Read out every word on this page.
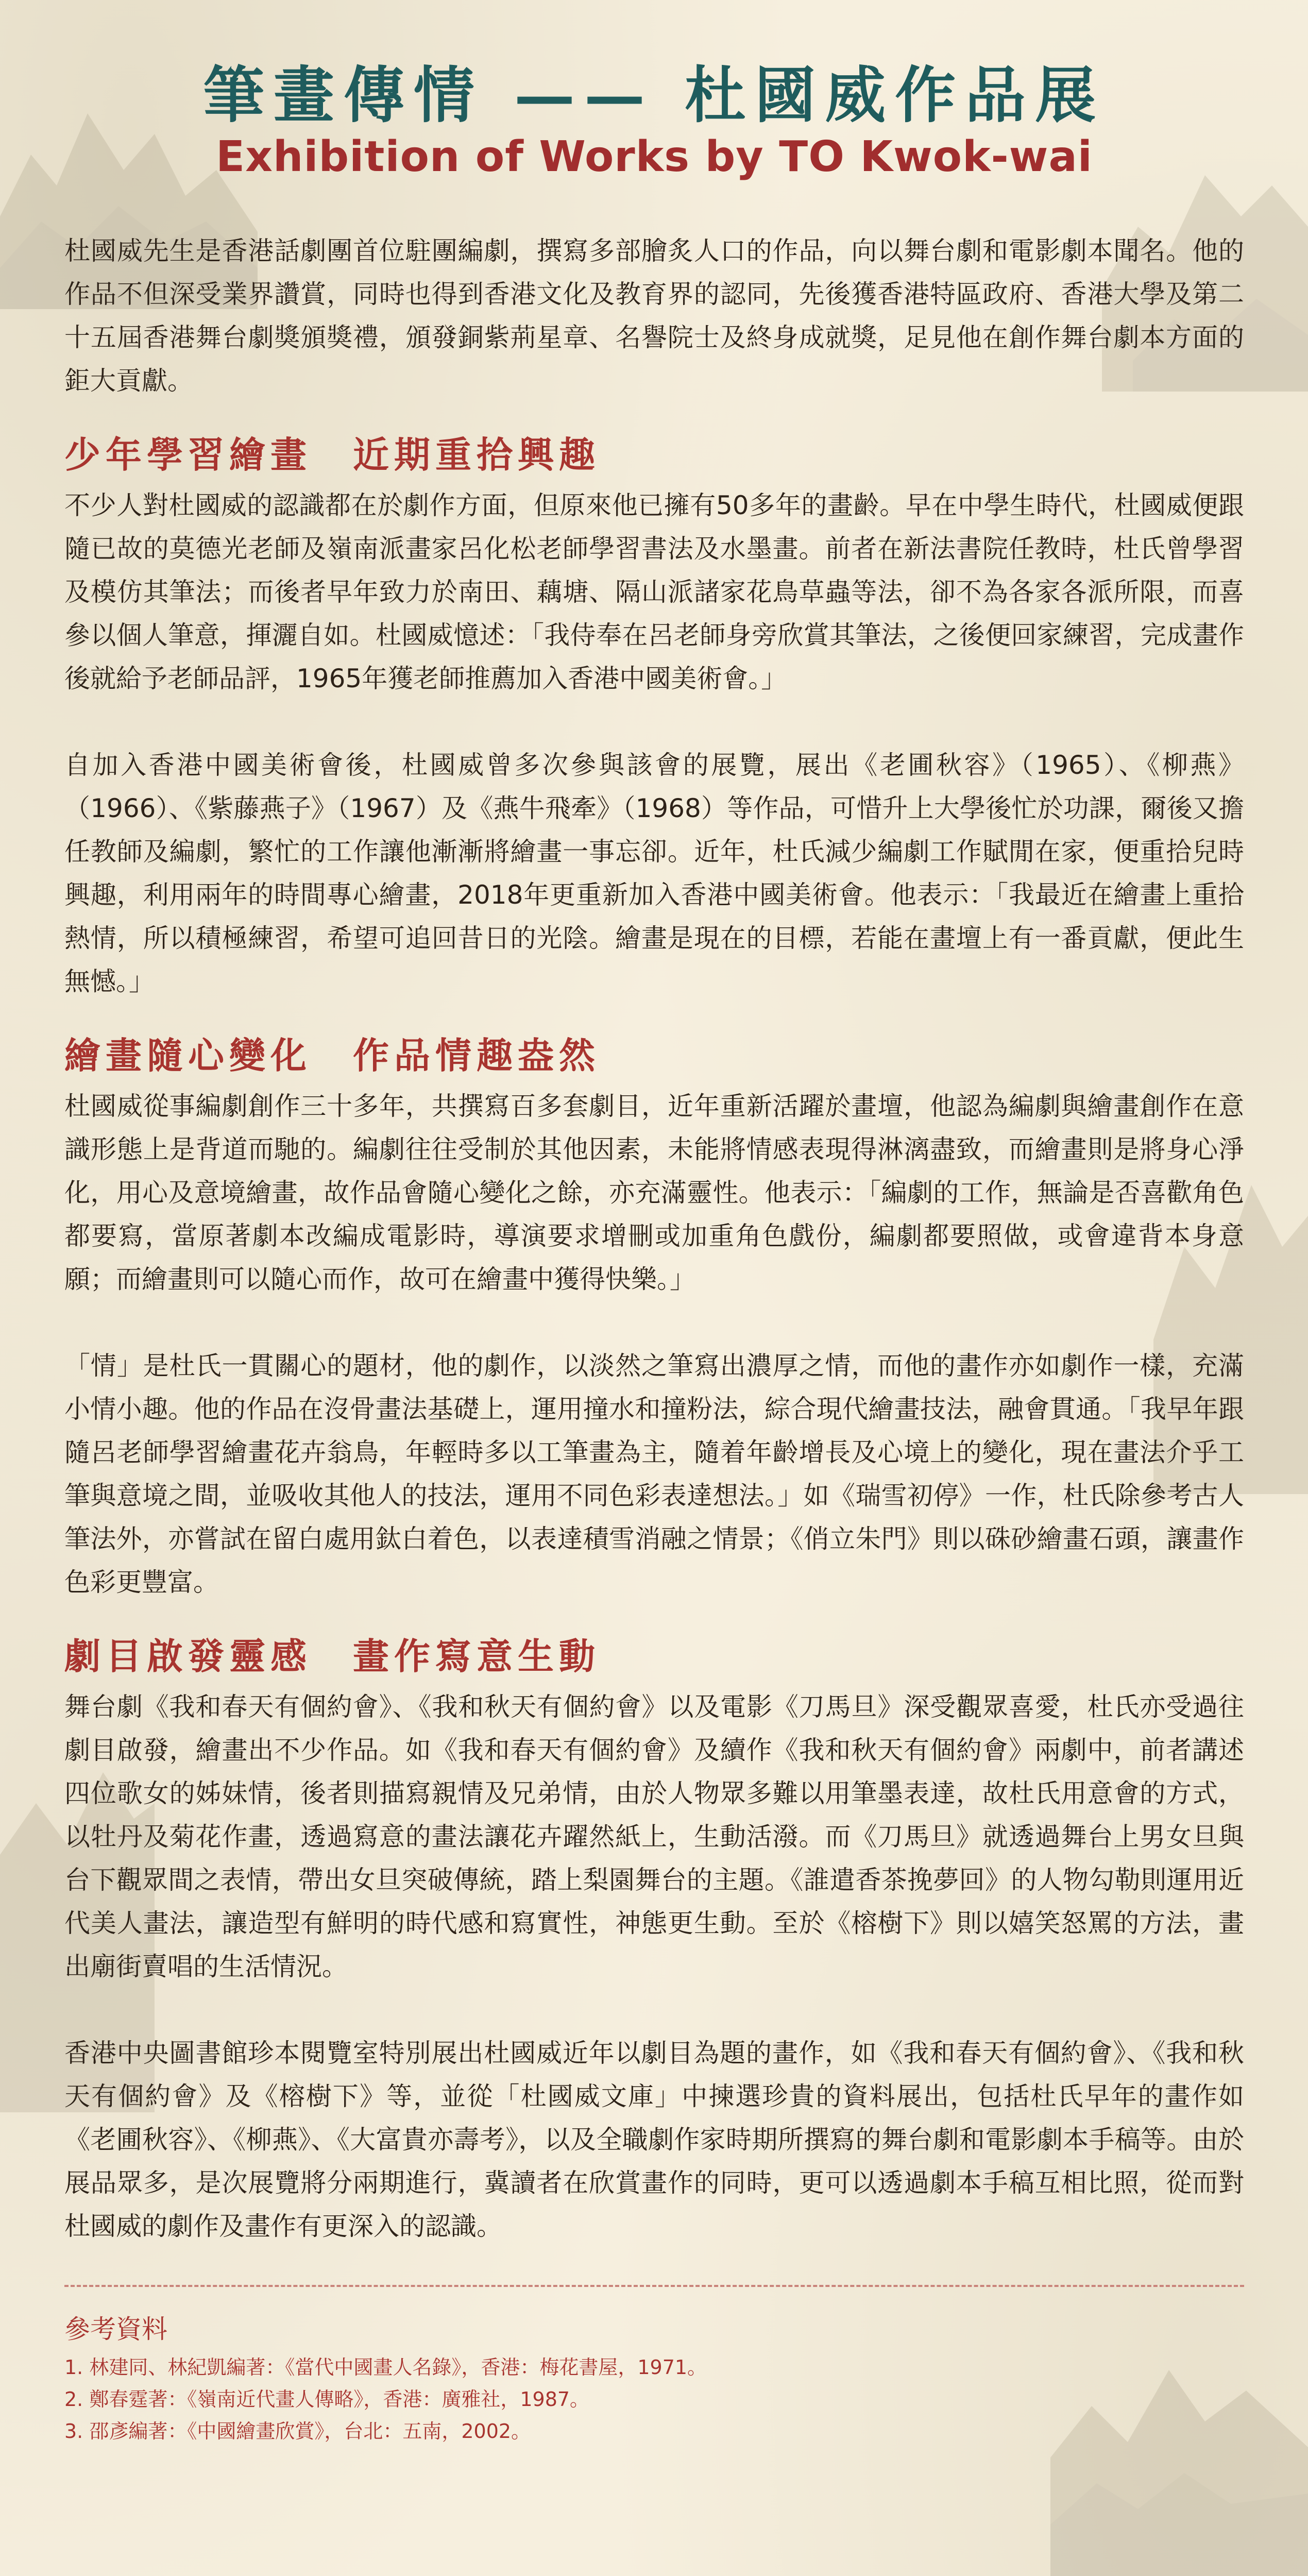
筆畫傳情 —— 杜國威作品展
Exhibition of Works by TO Kwok-wai

杜國威先生是香港話劇團首位駐團編劇，撰寫多部膾炙人口的作品，向以舞台劇和電影劇本聞名。他的作品不但深受業界讚賞，同時也得到香港文化及教育界的認同，先後獲香港特區政府、香港大學及第二十五屆香港舞台劇獎頒獎禮，頒發銅紫荊星章、名譽院士及終身成就獎，足見他在創作舞台劇本方面的鉅大貢獻。

少年學習繪畫　近期重拾興趣

不少人對杜國威的認識都在於劇作方面，但原來他已擁有50多年的畫齡。早在中學生時代，杜國威便跟隨已故的莫德光老師及嶺南派畫家呂化松老師學習書法及水墨畫。前者在新法書院任教時，杜氏曾學習及模仿其筆法；而後者早年致力於南田、藕塘、隔山派諸家花鳥草蟲等法，卻不為各家各派所限，而喜參以個人筆意，揮灑自如。杜國威憶述：「我侍奉在呂老師身旁欣賞其筆法，之後便回家練習，完成畫作後就給予老師品評，1965年獲老師推薦加入香港中國美術會。」

自加入香港中國美術會後，杜國威曾多次參與該會的展覽，展出《老圃秋容》（1965）、《柳燕》（1966）、《紫藤燕子》（1967）及《燕牛飛牽》（1968）等作品，可惜升上大學後忙於功課，爾後又擔任教師及編劇，繁忙的工作讓他漸漸將繪畫一事忘卻。近年，杜氏減少編劇工作賦閒在家，便重拾兒時興趣，利用兩年的時間專心繪畫，2018年更重新加入香港中國美術會。他表示：「我最近在繪畫上重拾熱情，所以積極練習，希望可追回昔日的光陰。繪畫是現在的目標，若能在畫壇上有一番貢獻，便此生無憾。」

繪畫隨心變化　作品情趣盎然

杜國威從事編劇創作三十多年，共撰寫百多套劇目，近年重新活躍於畫壇，他認為編劇與繪畫創作在意識形態上是背道而馳的。編劇往往受制於其他因素，未能將情感表現得淋漓盡致，而繪畫則是將身心淨化，用心及意境繪畫，故作品會隨心變化之餘，亦充滿靈性。他表示：「編劇的工作，無論是否喜歡角色都要寫，當原著劇本改編成電影時，導演要求增刪或加重角色戲份，編劇都要照做，或會違背本身意願；而繪畫則可以隨心而作，故可在繪畫中獲得快樂。」

「情」是杜氏一貫關心的題材，他的劇作，以淡然之筆寫出濃厚之情，而他的畫作亦如劇作一樣，充滿小情小趣。他的作品在沒骨畫法基礎上，運用撞水和撞粉法，綜合現代繪畫技法，融會貫通。「我早年跟隨呂老師學習繪畫花卉翁鳥，年輕時多以工筆畫為主，隨着年齡增長及心境上的變化，現在畫法介乎工筆與意境之間，並吸收其他人的技法，運用不同色彩表達想法。」如《瑞雪初停》一作，杜氏除參考古人筆法外，亦嘗試在留白處用鈦白着色，以表達積雪消融之情景；《俏立朱門》則以硃砂繪畫石頭，讓畫作色彩更豐富。

劇目啟發靈感　畫作寫意生動

舞台劇《我和春天有個約會》、《我和秋天有個約會》以及電影《刀馬旦》深受觀眾喜愛，杜氏亦受過往劇目啟發，繪畫出不少作品。如《我和春天有個約會》及續作《我和秋天有個約會》兩劇中，前者講述四位歌女的姊妹情，後者則描寫親情及兄弟情，由於人物眾多難以用筆墨表達，故杜氏用意會的方式，以牡丹及菊花作畫，透過寫意的畫法讓花卉躍然紙上，生動活潑。而《刀馬旦》就透過舞台上男女旦與台下觀眾間之表情，帶出女旦突破傳統，踏上梨園舞台的主題。《誰遣香茶挽夢回》的人物勾勒則運用近代美人畫法，讓造型有鮮明的時代感和寫實性，神態更生動。至於《榕樹下》則以嬉笑怒罵的方法，畫出廟街賣唱的生活情況。

香港中央圖書館珍本閱覽室特別展出杜國威近年以劇目為題的畫作，如《我和春天有個約會》、《我和秋天有個約會》及《榕樹下》等，並從「杜國威文庫」中揀選珍貴的資料展出，包括杜氏早年的畫作如《老圃秋容》、《柳燕》、《大富貴亦壽考》，以及全職劇作家時期所撰寫的舞台劇和電影劇本手稿等。由於展品眾多，是次展覽將分兩期進行，冀讀者在欣賞畫作的同時，更可以透過劇本手稿互相比照，從而對杜國威的劇作及畫作有更深入的認識。

參考資料
1. 林建同、林紀凱編著：《當代中國畫人名錄》，香港：梅花書屋，1971。
2. 鄭春霆著：《嶺南近代畫人傳略》，香港：廣雅社，1987。
3. 邵彥編著：《中國繪畫欣賞》，台北：五南，2002。
